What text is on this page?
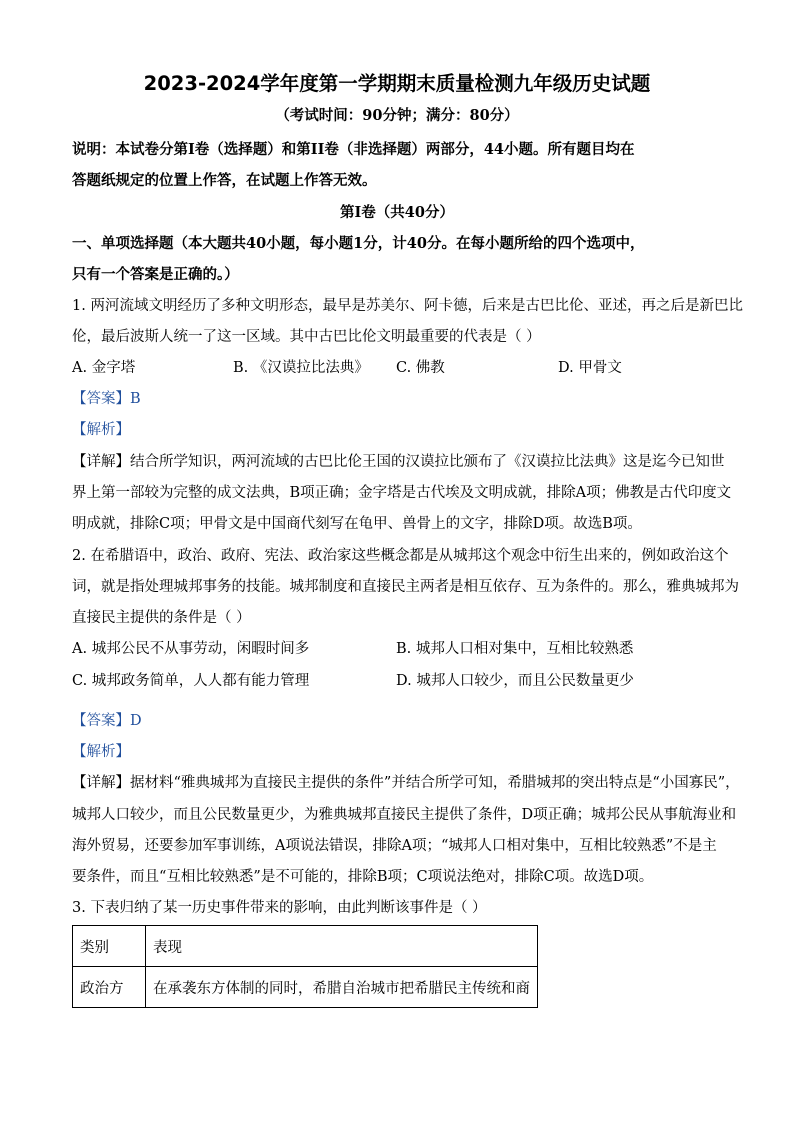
2023-2024学年度第一学期期末质量检测九年级历史试题
（考试时间：90分钟；满分：80分）
说明：本试卷分第Ⅰ卷（选择题）和第II卷（非选择题）两部分，44小题。所有题目均在
答题纸规定的位置上作答，在试题上作答无效。
第Ⅰ卷（共40分）
一、单项选择题（本大题共40小题，每小题1分，计40分。在每小题所给的四个选项中，
只有一个答案是正确的。）
1. 两河流域文明经历了多种文明形态，最早是苏美尔、阿卡德，后来是古巴比伦、亚述，再之后是新巴比
伦，最后波斯人统一了这一区域。其中古巴比伦文明最重要的代表是（ ）
A. 金字塔	B. 《汉谟拉比法典》 C. 佛教	D. 甲骨文
【答案】B
【解析】
【详解】结合所学知识，两河流域的古巴比伦王国的汉谟拉比颁布了《汉谟拉比法典》这是迄今已知世
界上第一部较为完整的成文法典，B项正确；金字塔是古代埃及文明成就，排除A项；佛教是古代印度文
明成就，排除C项；甲骨文是中国商代刻写在龟甲、兽骨上的文字，排除D项。故选B项。
2. 在希腊语中，政治、政府、宪法、政治家这些概念都是从城邦这个观念中衍生出来的，例如政治这个
词，就是指处理城邦事务的技能。城邦制度和直接民主两者是相互依存、互为条件的。那么，雅典城邦为
直接民主提供的条件是（ ）
A. 城邦公民不从事劳动，闲暇时间多	B. 城邦人口相对集中，互相比较熟悉
C. 城邦政务简单，人人都有能力管理	D. 城邦人口较少，而且公民数量更少
【答案】D
【解析】
【详解】据材料“雅典城邦为直接民主提供的条件”并结合所学可知，希腊城邦的突出特点是“小国寡民”，
城邦人口较少，而且公民数量更少，为雅典城邦直接民主提供了条件，D项正确；城邦公民从事航海业和
海外贸易，还要参加军事训练，A项说法错误，排除A项；“城邦人口相对集中，互相比较熟悉”不是主
要条件，而且“互相比较熟悉”是不可能的，排除B项；C项说法绝对，排除C项。故选D项。
3. 下表归纳了某一历史事件带来的影响，由此判断该事件是（ ）
类别	表现
政治方	在承袭东方体制的同时，希腊自治城市把希腊民主传统和商
